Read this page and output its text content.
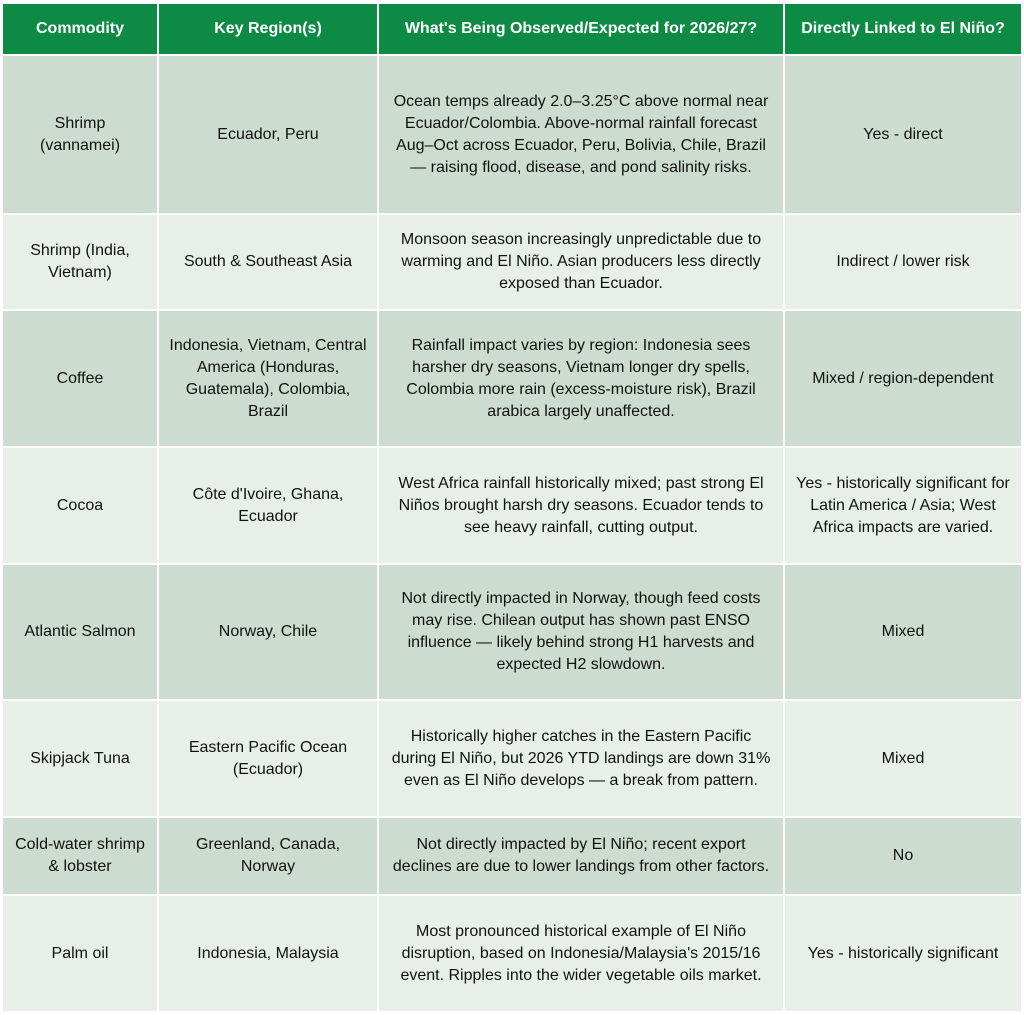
Commodity	Key Region(s)	What's Being Observed/Expected for 2026/27?	Directly Linked to El Niño?
Shrimp (vannamei)	Ecuador, Peru	Ocean temps already 2.0–3.25°C above normal near Ecuador/Colombia. Above-normal rainfall forecast Aug–Oct across Ecuador, Peru, Bolivia, Chile, Brazil — raising flood, disease, and pond salinity risks.	Yes - direct
Shrimp (India, Vietnam)	South & Southeast Asia	Monsoon season increasingly unpredictable due to warming and El Niño. Asian producers less directly exposed than Ecuador.	Indirect / lower risk
Coffee	Indonesia, Vietnam, Central America (Honduras, Guatemala), Colombia, Brazil	Rainfall impact varies by region: Indonesia sees harsher dry seasons, Vietnam longer dry spells, Colombia more rain (excess-moisture risk), Brazil arabica largely unaffected.	Mixed / region-dependent
Cocoa	Côte d'Ivoire, Ghana, Ecuador	West Africa rainfall historically mixed; past strong El Niños brought harsh dry seasons. Ecuador tends to see heavy rainfall, cutting output.	Yes - historically significant for Latin America / Asia; West Africa impacts are varied.
Atlantic Salmon	Norway, Chile	Not directly impacted in Norway, though feed costs may rise. Chilean output has shown past ENSO influence — likely behind strong H1 harvests and expected H2 slowdown.	Mixed
Skipjack Tuna	Eastern Pacific Ocean (Ecuador)	Historically higher catches in the Eastern Pacific during El Niño, but 2026 YTD landings are down 31% even as El Niño develops — a break from pattern.	Mixed
Cold-water shrimp & lobster	Greenland, Canada, Norway	Not directly impacted by El Niño; recent export declines are due to lower landings from other factors.	No
Palm oil	Indonesia, Malaysia	Most pronounced historical example of El Niño disruption, based on Indonesia/Malaysia's 2015/16 event. Ripples into the wider vegetable oils market.	Yes - historically significant
